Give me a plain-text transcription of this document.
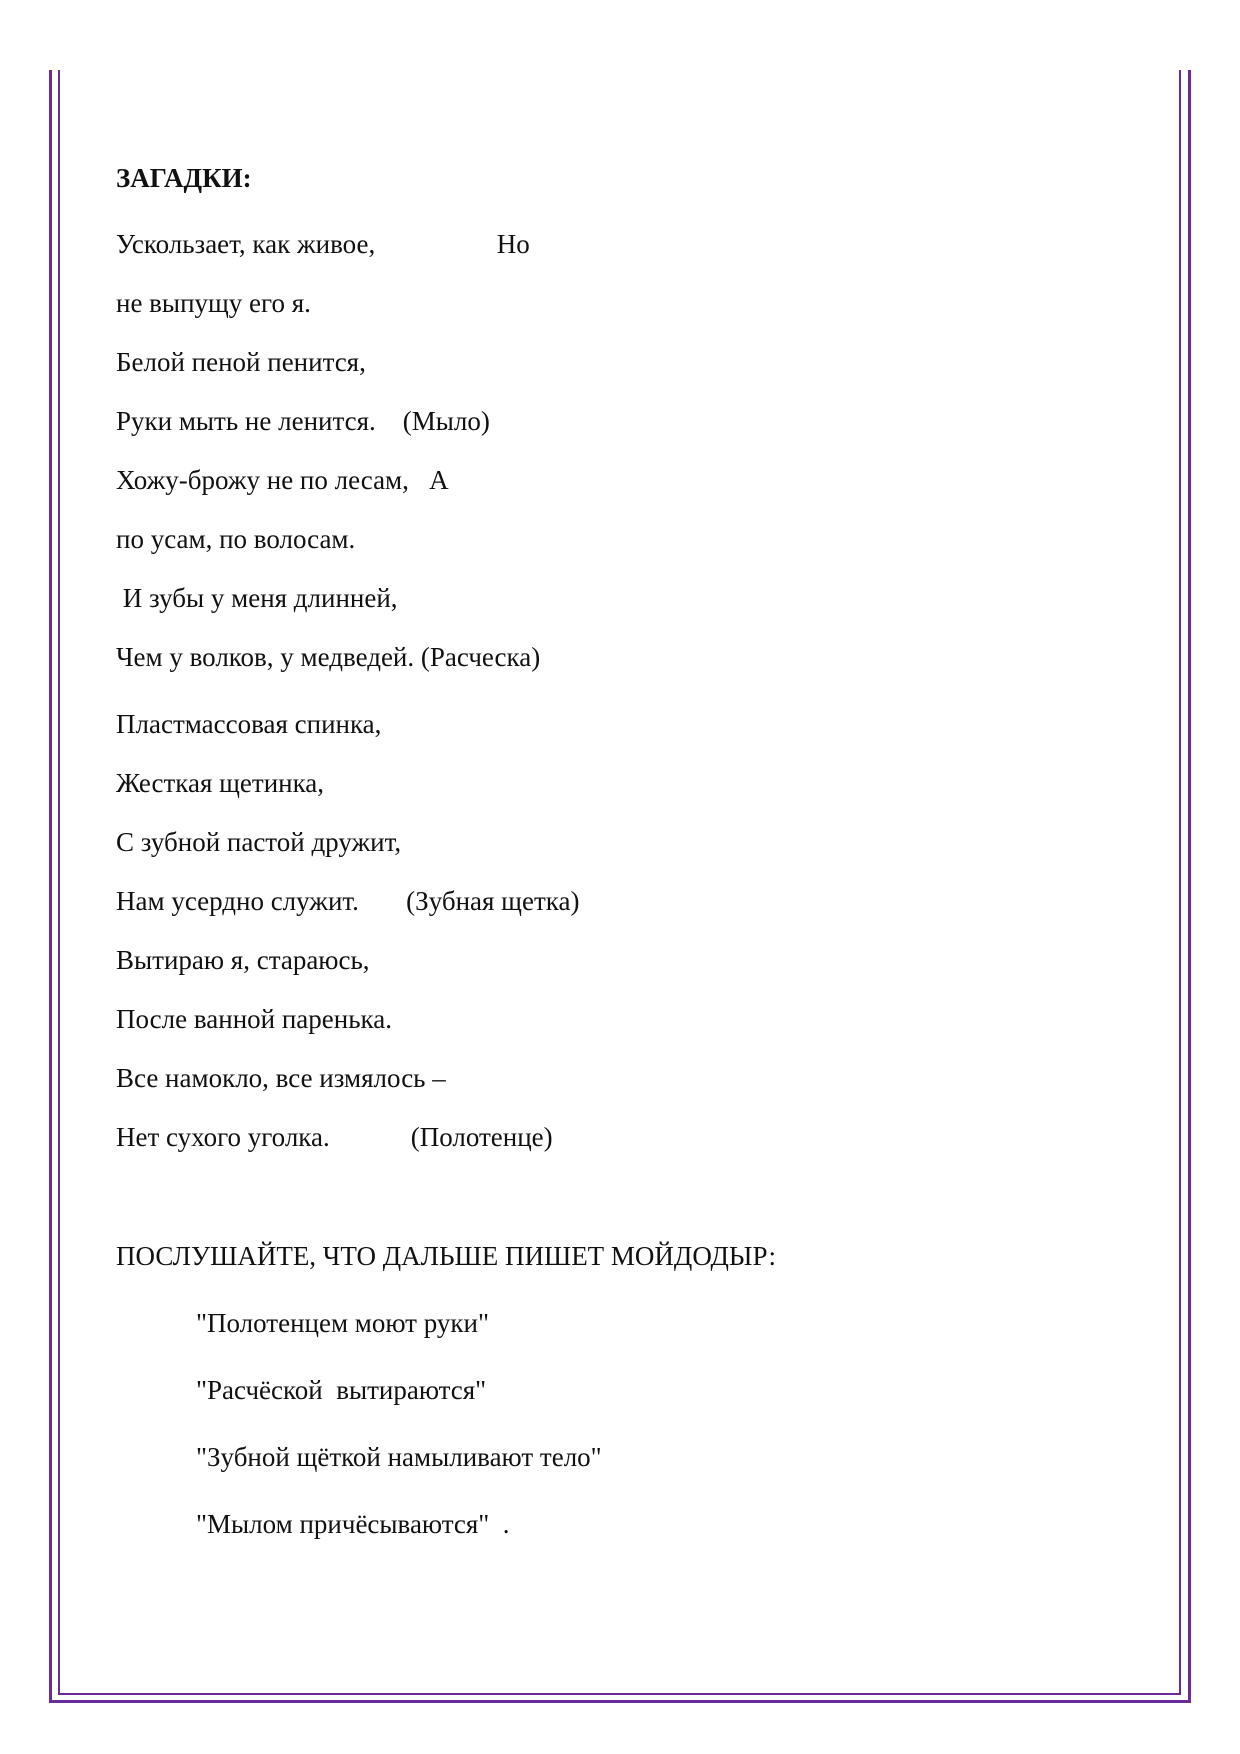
ЗАГАДКИ:
Ускользает, как живое,                  Но
не выпущу его я.
Белой пеной пенится,
Руки мыть не ленится.    (Мыло)
Хожу-брожу не по лесам,   А
по усам, по волосам.
И зубы у меня длинней,
Чем у волков, у медведей. (Расческа)
Пластмассовая спинка,
Жесткая щетинка,
С зубной пастой дружит,
Нам усердно служит.       (Зубная щетка)
Вытираю я, стараюсь,
После ванной паренька.
Все намокло, все измялось –
Нет сухого уголка.            (Полотенце)
ПОСЛУШАЙТЕ, ЧТО ДАЛЬШЕ ПИШЕТ МОЙДОДЫР:
"Полотенцем моют руки"
"Расчёской  вытираются"
"Зубной щёткой намыливают тело"
"Мылом причёсываются"  .
